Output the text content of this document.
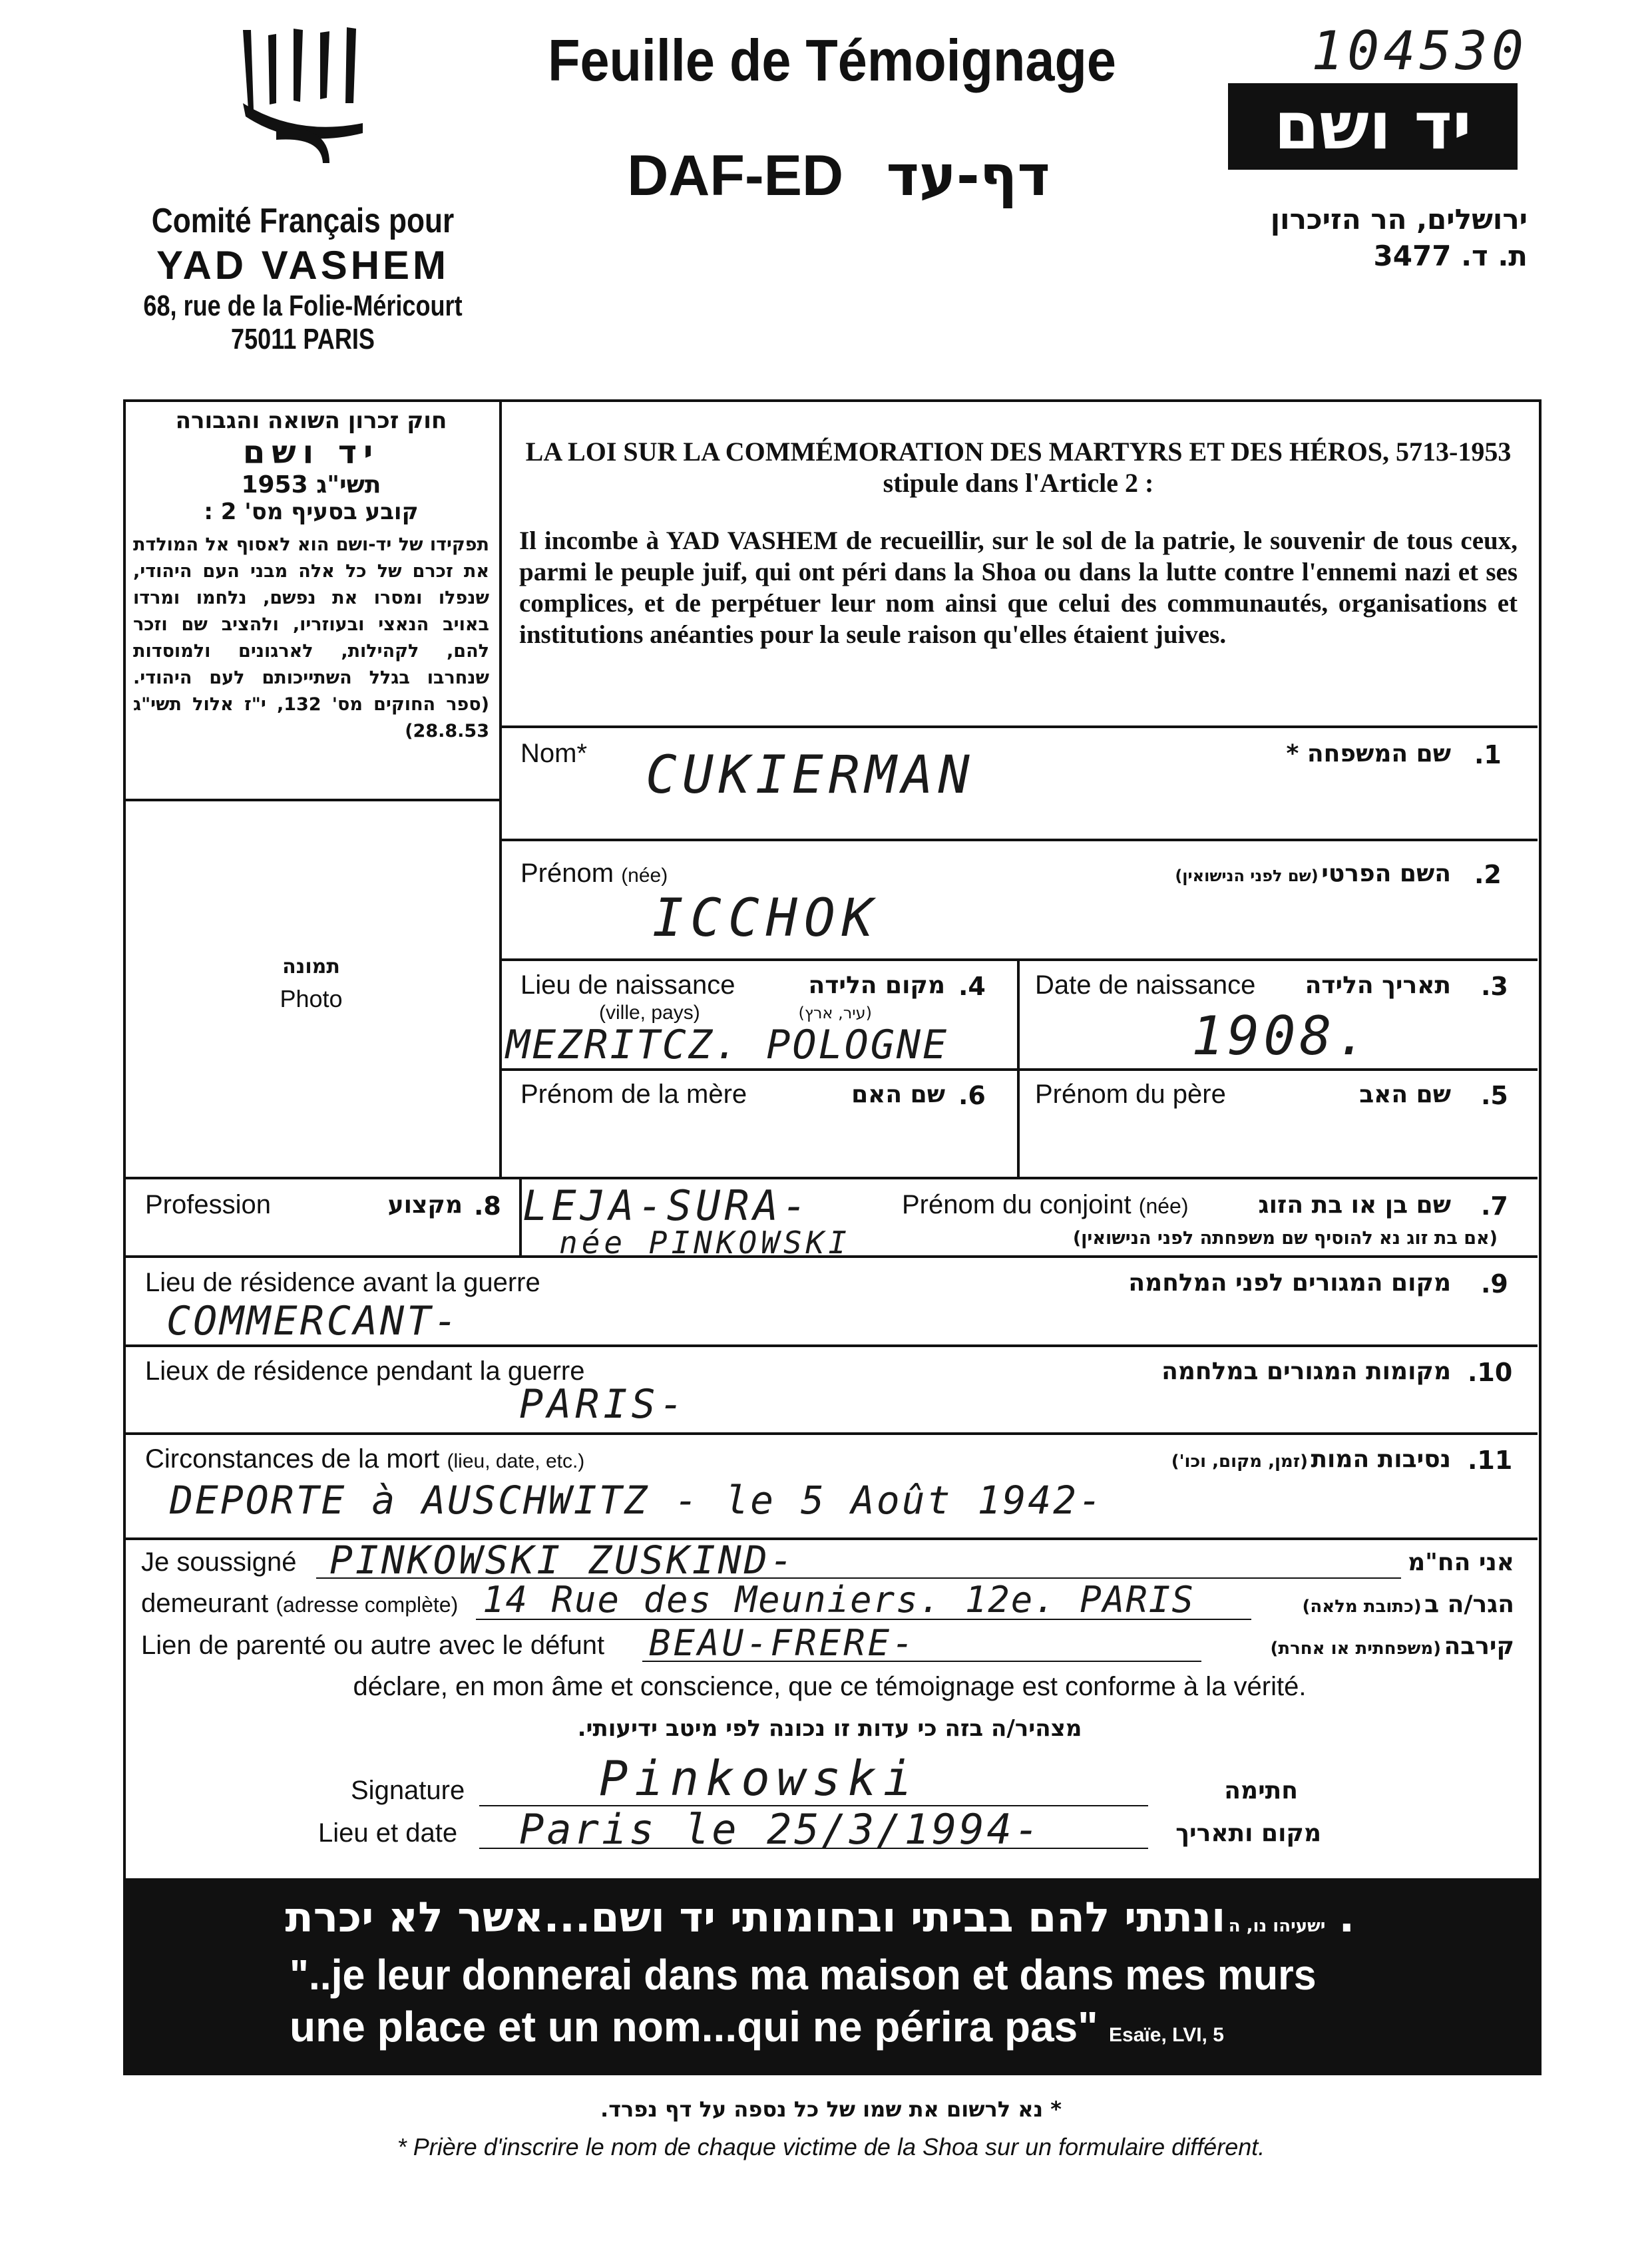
Comité Français pour
YAD VASHEM
68, rue de la Folie-Méricourt
75011 PARIS
Feuille de Témoignage
DAF-ED דף-עד
104530
יד ושם
ירושלים, הר הזיכרון
ת. ד. 3477
חוק זכרון השואה והגבורה
יד ושם
תשי"ג 1953
קובע בסעיף מס' 2 :
תפקידו של יד-ושם הוא לאסוף אל המולדת את זכרם של כל אלה מבני העם היהודי, שנפלו ומסרו את נפשם, נלחמו ומרדו באויב הנאצי ובעוזריו, ולהציב שם וזכר להם, לקהילות, לארגונים ולמוסדות שנחרבו בגלל השתייכותם לעם היהודי. (ספר החוקים מס' 132, י"ז אלול תשי"ג 28.8.53)
LA LOI SUR LA COMMÉMORATION DES MARTYRS ET DES HÉROS, 5713-1953
stipule dans l'Article 2 :
Il incombe à YAD VASHEM de recueillir, sur le sol de la patrie, le souvenir de tous ceux, parmi le peuple juif, qui ont péri dans la Shoa ou dans la lutte contre l'ennemi nazi et ses complices, et de perpétuer leur nom ainsi que celui des communautés, organisations et institutions anéanties pour la seule raison qu'elles étaient juives.
תמונה
Photo
Nom*	שם המשפחה * .1
CUKIERMAN
Prénom (née)	השם הפרטי (שם לפני הנישואין)	.2
ICCHOK
Lieu de naissance
(ville, pays)
מקום הלידה
(עיר, ארץ)
.4
MEZRITCZ. POLOGNE
Date de naissance	תאריך הלידה .3
1908.
Prénom de la mère	שם האם .6 Prénom du père	שם האב .5
Profession	מקצוע .8	Prénom du conjoint (née)	שם בן או בת הזוג .7
(אם בת זוג נא להוסיף שם משפחתה לפני הנישואין)
LEJA-SURA-
née PINKOWSKI
Lieu de résidence avant la guerre	מקום המגורים לפני המלחמה .9
COMMERCANT-
Lieux de résidence pendant la guerre	מקומות המגורים במלחמה .10
PARIS-
Circonstances de la mort (lieu, date, etc.)	נסיבות המות (זמן, מקום, וכו')	.11
DEPORTE à AUSCHWITZ - le 5 Août 1942-
Je soussigné PINKOWSKI ZUSKIND-	אני הח"מ
demeurant (adresse complète) 14 Rue des Meuniers. 12e. PARIS	הגר/ה ב (כתובת מלאה)
Lien de parenté ou autre avec le défunt BEAU-FRERE-	קירבה (משפחתית או אחרת)
déclare, en mon âme et conscience, que ce témoignage est conforme à la vérité.
מצהיר/ה בזה כי עדות זו נכונה לפי מיטב ידיעותי.
Signature	Pinkowski	חתימה
Lieu et date Paris le 25/3/1994-	מקום ותאריך
ישעיהו נו, ה ונתתי להם בביתי ובחומותי יד ושם...אשר לא יכרת.
"..je leur donnerai dans ma maison et dans mes murs
une place et un nom...qui ne périra pas" Esaïe, LVI, 5
* נא לרשום את שמו של כל נספה על דף נפרד.
* Prière d'inscrire le nom de chaque victime de la Shoa sur un formulaire différent.
